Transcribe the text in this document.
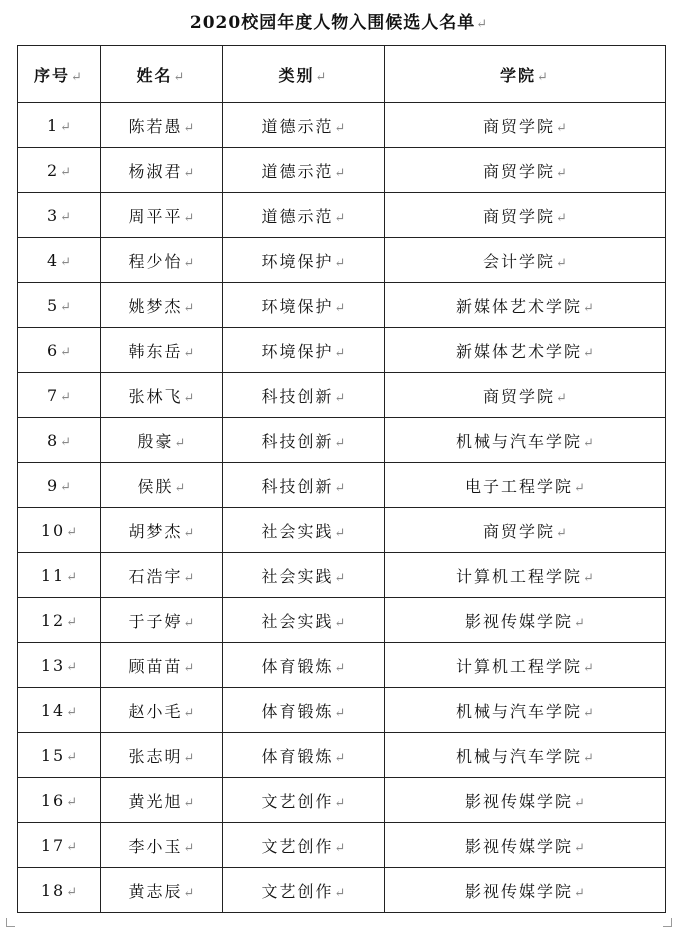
2020校园年度人物入围候选人名单↵
序号↵	姓名↵	类别↵	学院↵
1↵	陈若愚↵	道德示范↵	商贸学院↵
2↵	杨淑君↵	道德示范↵	商贸学院↵
3↵	周平平↵	道德示范↵	商贸学院↵
4↵	程少怡↵	环境保护↵	会计学院↵
5↵	姚梦杰↵	环境保护↵	新媒体艺术学院↵
6↵	韩东岳↵	环境保护↵	新媒体艺术学院↵
7↵	张林飞↵	科技创新↵	商贸学院↵
8↵	殷豪↵	科技创新↵	机械与汽车学院↵
9↵	侯朕↵	科技创新↵	电子工程学院↵
10↵	胡梦杰↵	社会实践↵	商贸学院↵
11↵	石浩宇↵	社会实践↵	计算机工程学院↵
12↵	于子婷↵	社会实践↵	影视传媒学院↵
13↵	顾苗苗↵	体育锻炼↵	计算机工程学院↵
14↵	赵小毛↵	体育锻炼↵	机械与汽车学院↵
15↵	张志明↵	体育锻炼↵	机械与汽车学院↵
16↵	黄光旭↵	文艺创作↵	影视传媒学院↵
17↵	李小玉↵	文艺创作↵	影视传媒学院↵
18↵	黄志辰↵	文艺创作↵	影视传媒学院↵
